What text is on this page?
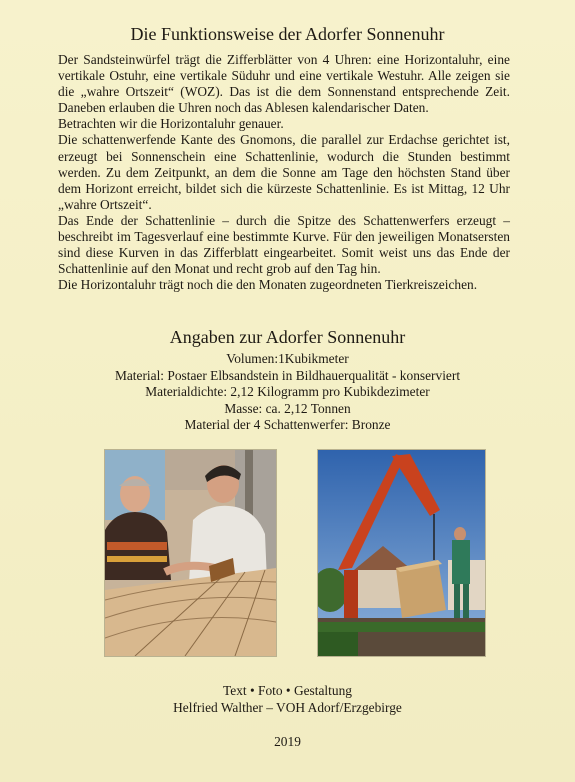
Die Funktionsweise der Adorfer Sonnenuhr

Der Sandsteinwürfel trägt die Zifferblätter von 4 Uhren: eine Horizontaluhr, eine vertikale Ostuhr, eine vertikale Süduhr und eine vertikale Westuhr. Alle zeigen sie die „wahre Ortszeit“ (WOZ). Das ist die dem Sonnenstand entsprechende Zeit. Daneben erlauben die Uhren noch das Ablesen kalendarischer Daten.

Betrachten wir die Horizontaluhr genauer.

Die schattenwerfende Kante des Gnomons, die parallel zur Erdachse gerichtet ist, erzeugt bei Sonnenschein eine Schattenlinie, wodurch die Stunden bestimmt werden. Zu dem Zeitpunkt, an dem die Sonne am Tage den höchsten Stand über dem Horizont erreicht, bildet sich die kürzeste Schattenlinie. Es ist Mittag, 12 Uhr „wahre Ortszeit“.

Das Ende der Schattenlinie – durch die Spitze des Schattenwerfers erzeugt – beschreibt im Tagesverlauf eine bestimmte Kurve. Für den jeweiligen Monatsersten sind diese Kurven in das Zifferblatt eingearbeitet. Somit weist uns das Ende der Schattenlinie auf den Monat und recht grob auf den Tag hin.

Die Horizontaluhr trägt noch die den Monaten zugeordneten Tierkreiszeichen.

Angaben zur Adorfer Sonnenuhr
Volumen:1Kubikmeter
Material: Postaer Elbsandstein in Bildhauerqualität - konserviert
Materialdichte: 2,12 Kilogramm pro Kubikdezimeter
Masse: ca. 2,12 Tonnen
Material der 4 Schattenwerfer: Bronze
Text • Foto • Gestaltung
Helfried Walther – VOH Adorf/Erzgebirge
2019
